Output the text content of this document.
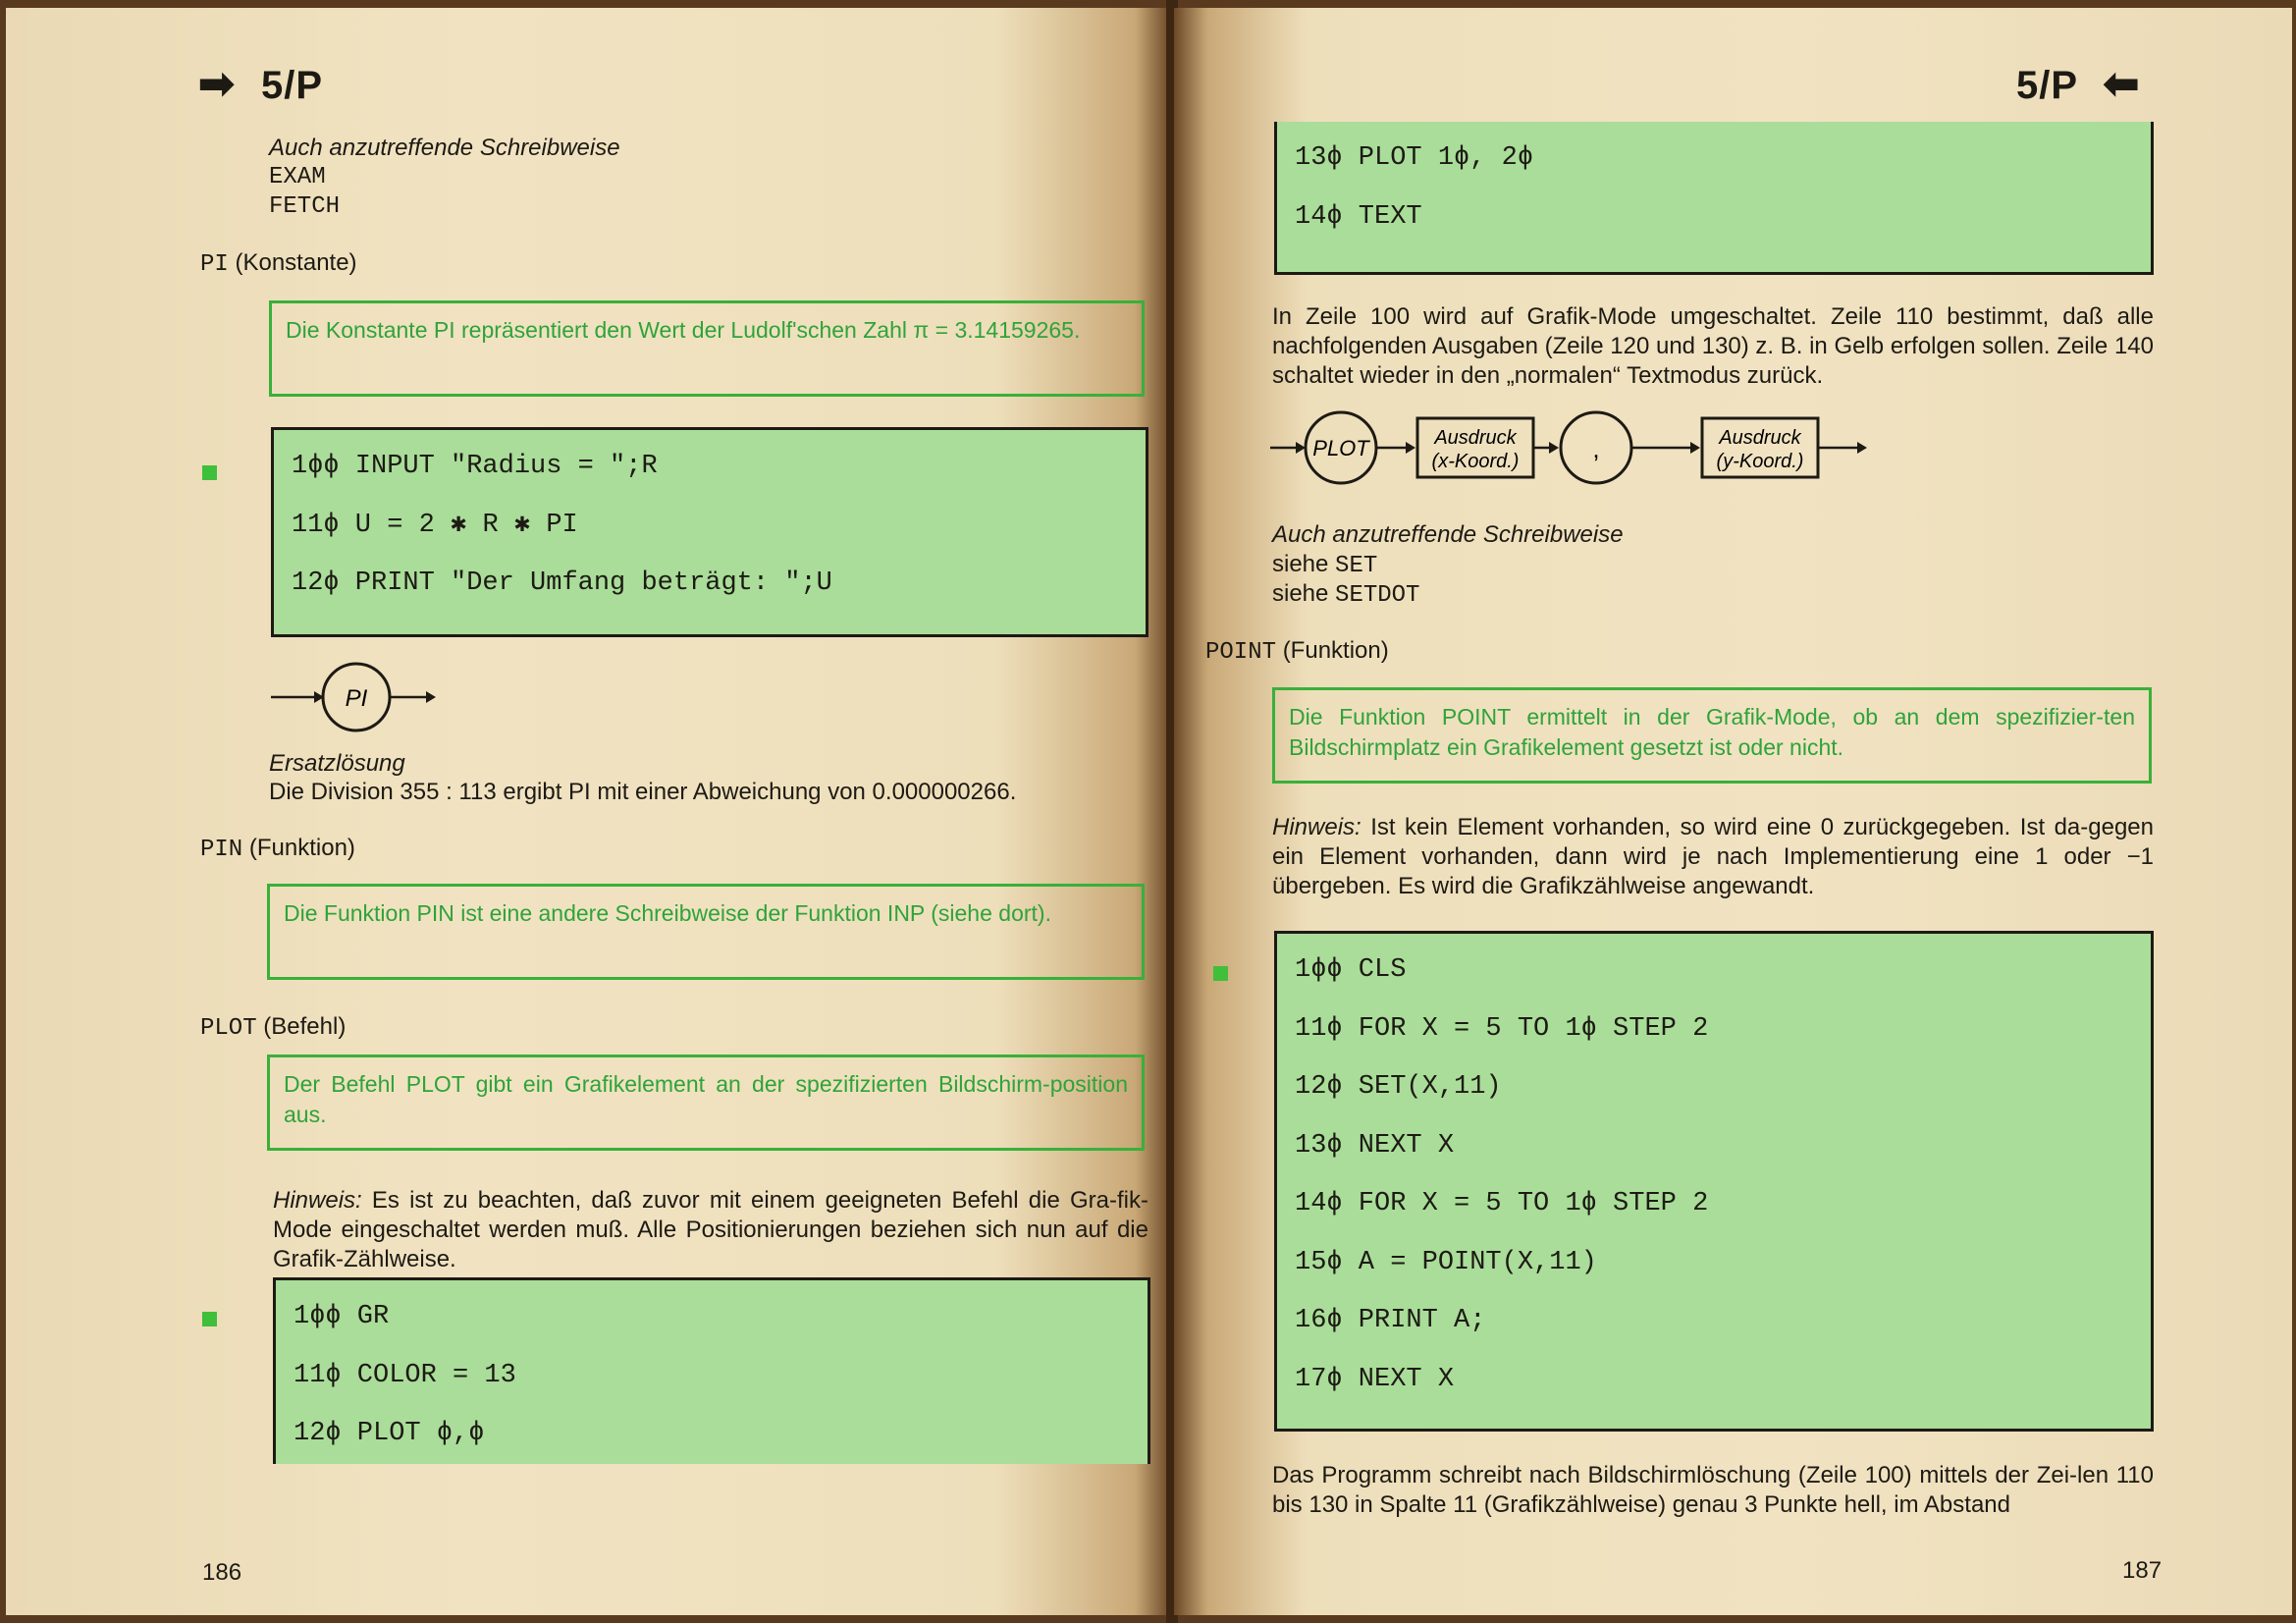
➡ 5/P
Auch anzutreffende Schreibweise
EXAM
FETCH
PI (Konstante)
Die Konstante PI repräsentiert den Wert der Ludolf'schen Zahl π = 3.14159265.
1ϕϕ INPUT "Radius = ";R
11ϕ U = 2 ✱ R ✱ PI
12ϕ PRINT "Der Umfang beträgt: ";U
PI
Ersatzlösung
Die Division 355 : 113 ergibt PI mit einer Abweichung von 0.000000266.
PIN (Funktion)
Die Funktion PIN ist eine andere Schreibweise der Funktion INP (siehe dort).
PLOT (Befehl)
Der Befehl PLOT gibt ein Grafikelement an der spezifizierten Bildschirm-position aus.
Hinweis: Es ist zu beachten, daß zuvor mit einem geeigneten Befehl die Gra-fik-Mode eingeschaltet werden muß. Alle Positionierungen beziehen sich nun auf die Grafik-Zählweise.
1ϕϕ GR
11ϕ COLOR = 13
12ϕ PLOT ϕ,ϕ
186
5/P ⬅
13ϕ PLOT 1ϕ, 2ϕ
14ϕ TEXT
In Zeile 100 wird auf Grafik-Mode umgeschaltet. Zeile 110 bestimmt, daß alle nachfolgenden Ausgaben (Zeile 120 und 130) z. B. in Gelb erfolgen sollen. Zeile 140 schaltet wieder in den „normalen“ Textmodus zurück.
PLOT	Ausdruck
(x-Koord.)	,	Ausdruck
(y-Koord.)
Auch anzutreffende Schreibweise
siehe SET
siehe SETDOT
POINT (Funktion)
Die Funktion POINT ermittelt in der Grafik-Mode, ob an dem spezifizier-ten Bildschirmplatz ein Grafikelement gesetzt ist oder nicht.
Hinweis: Ist kein Element vorhanden, so wird eine 0 zurückgegeben. Ist da-gegen ein Element vorhanden, dann wird je nach Implementierung eine 1 oder −1 übergeben. Es wird die Grafikzählweise angewandt.
1ϕϕ CLS
11ϕ FOR X = 5 TO 1ϕ STEP 2
12ϕ SET(X,11)
13ϕ NEXT X
14ϕ FOR X = 5 TO 1ϕ STEP 2
15ϕ A = POINT(X,11)
16ϕ PRINT A;
17ϕ NEXT X
Das Programm schreibt nach Bildschirmlöschung (Zeile 100) mittels der Zei-len 110 bis 130 in Spalte 11 (Grafikzählweise) genau 3 Punkte hell, im Abstand
187
